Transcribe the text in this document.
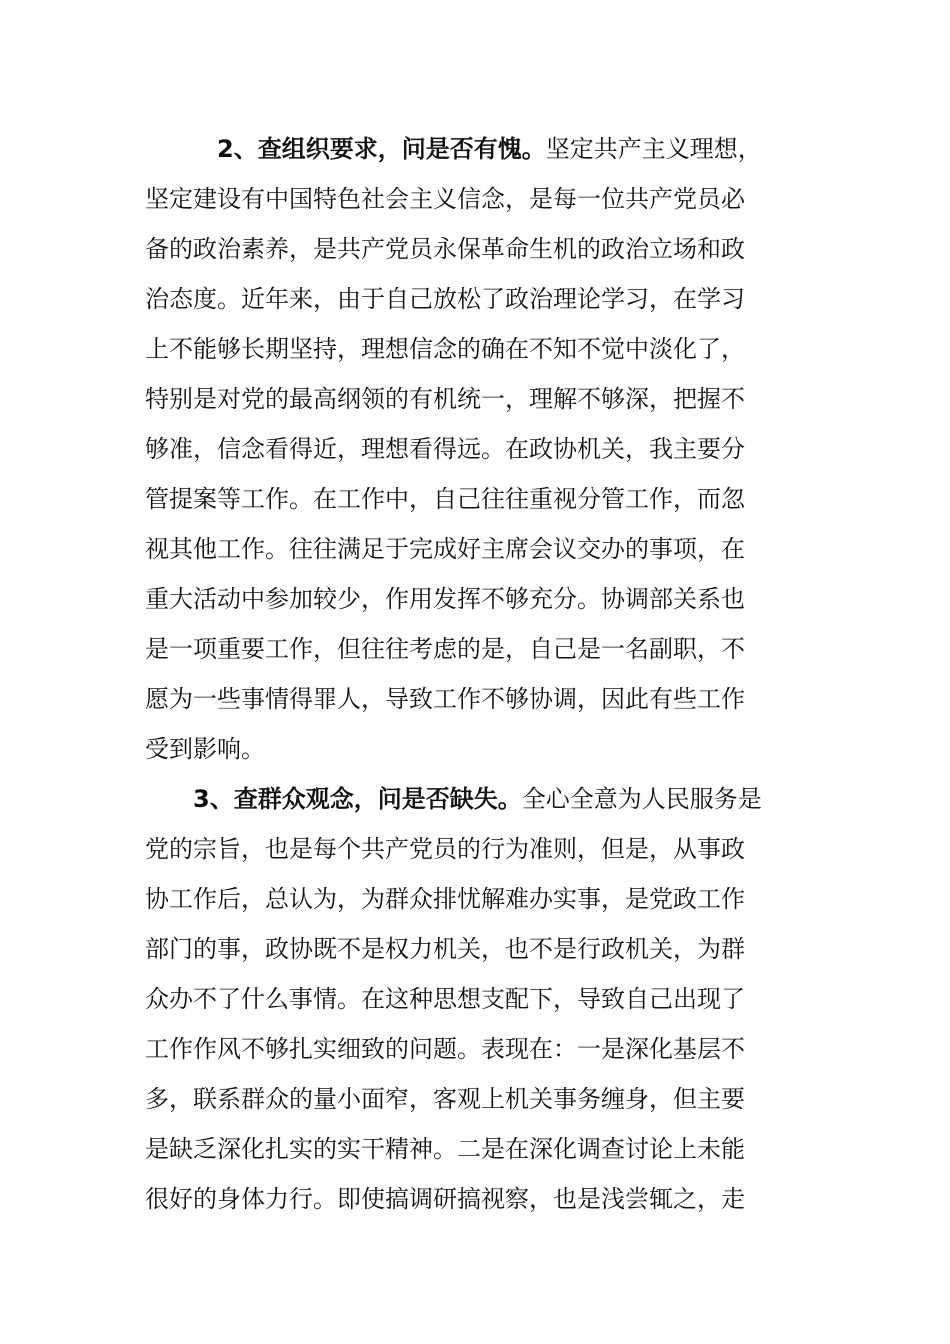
2、查组织要求，问是否有愧。坚定共产主义理想，
坚定建设有中国特色社会主义信念，是每一位共产党员必
备的政治素养，是共产党员永保革命生机的政治立场和政
治态度。近年来，由于自己放松了政治理论学习，在学习
上不能够长期坚持，理想信念的确在不知不觉中淡化了，
特别是对党的最高纲领的有机统一，理解不够深，把握不
够准，信念看得近，理想看得远。在政协机关，我主要分
管提案等工作。在工作中，自己往往重视分管工作，而忽
视其他工作。往往满足于完成好主席会议交办的事项，在
重大活动中参加较少，作用发挥不够充分。协调部关系也
是一项重要工作，但往往考虑的是，自己是一名副职，不
愿为一些事情得罪人，导致工作不够协调，因此有些工作
受到影响。
3、查群众观念，问是否缺失。全心全意为人民服务是
党的宗旨，也是每个共产党员的行为准则，但是，从事政
协工作后，总认为，为群众排忧解难办实事，是党政工作
部门的事，政协既不是权力机关，也不是行政机关，为群
众办不了什么事情。在这种思想支配下，导致自己出现了
工作作风不够扎实细致的问题。表现在：一是深化基层不
多，联系群众的量小面窄，客观上机关事务缠身，但主要
是缺乏深化扎实的实干精神。二是在深化调查讨论上未能
很好的身体力行。即使搞调研搞视察，也是浅尝辄之，走
